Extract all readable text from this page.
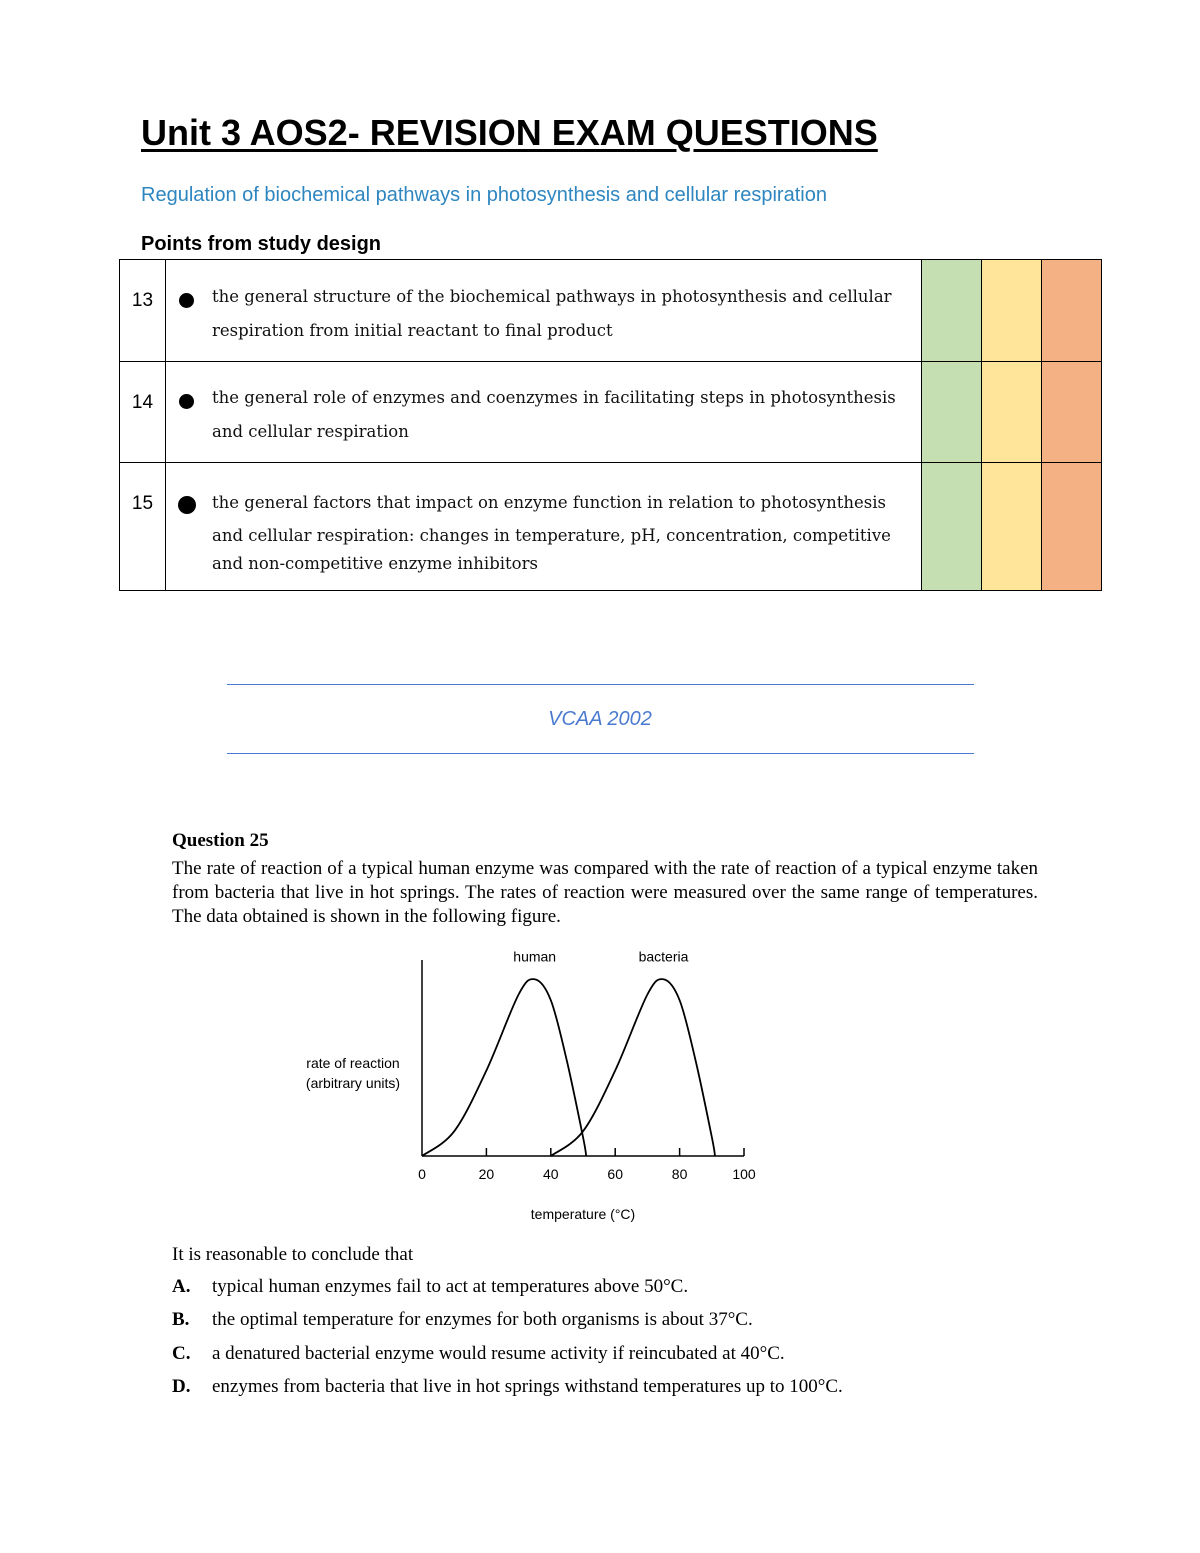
Unit 3 AOS2- REVISION EXAM QUESTIONS
Regulation of biochemical pathways in photosynthesis and cellular respiration
Points from study design
13	the general structure of the biochemical pathways in photosynthesis and cellular
respiration from initial reactant to final product			

14	the general role of enzymes and coenzymes in facilitating steps in photosynthesis
and cellular respiration			

15	the general factors that impact on enzyme function in relation to photosynthesis
and cellular respiration: changes in temperature, pH, concentration, competitive
and non-competitive enzyme inhibitors			

VCAA 2002
Question 25
The rate of reaction of a typical human enzyme was compared with the rate of reaction of a typical enzyme taken from bacteria that live in hot springs. The rates of reaction were measured over the same range of temperatures. The data obtained is shown in the following figure.
0	20	40	60	80	100
human	bacteria
rate of reaction
(arbitrary units)
temperature (°C)
It is reasonable to conclude that
A. typical human enzymes fail to act at temperatures above 50°C.
B. the optimal temperature for enzymes for both organisms is about 37°C.
C. a denatured bacterial enzyme would resume activity if reincubated at 40°C.
D. enzymes from bacteria that live in hot springs withstand temperatures up to 100°C.
